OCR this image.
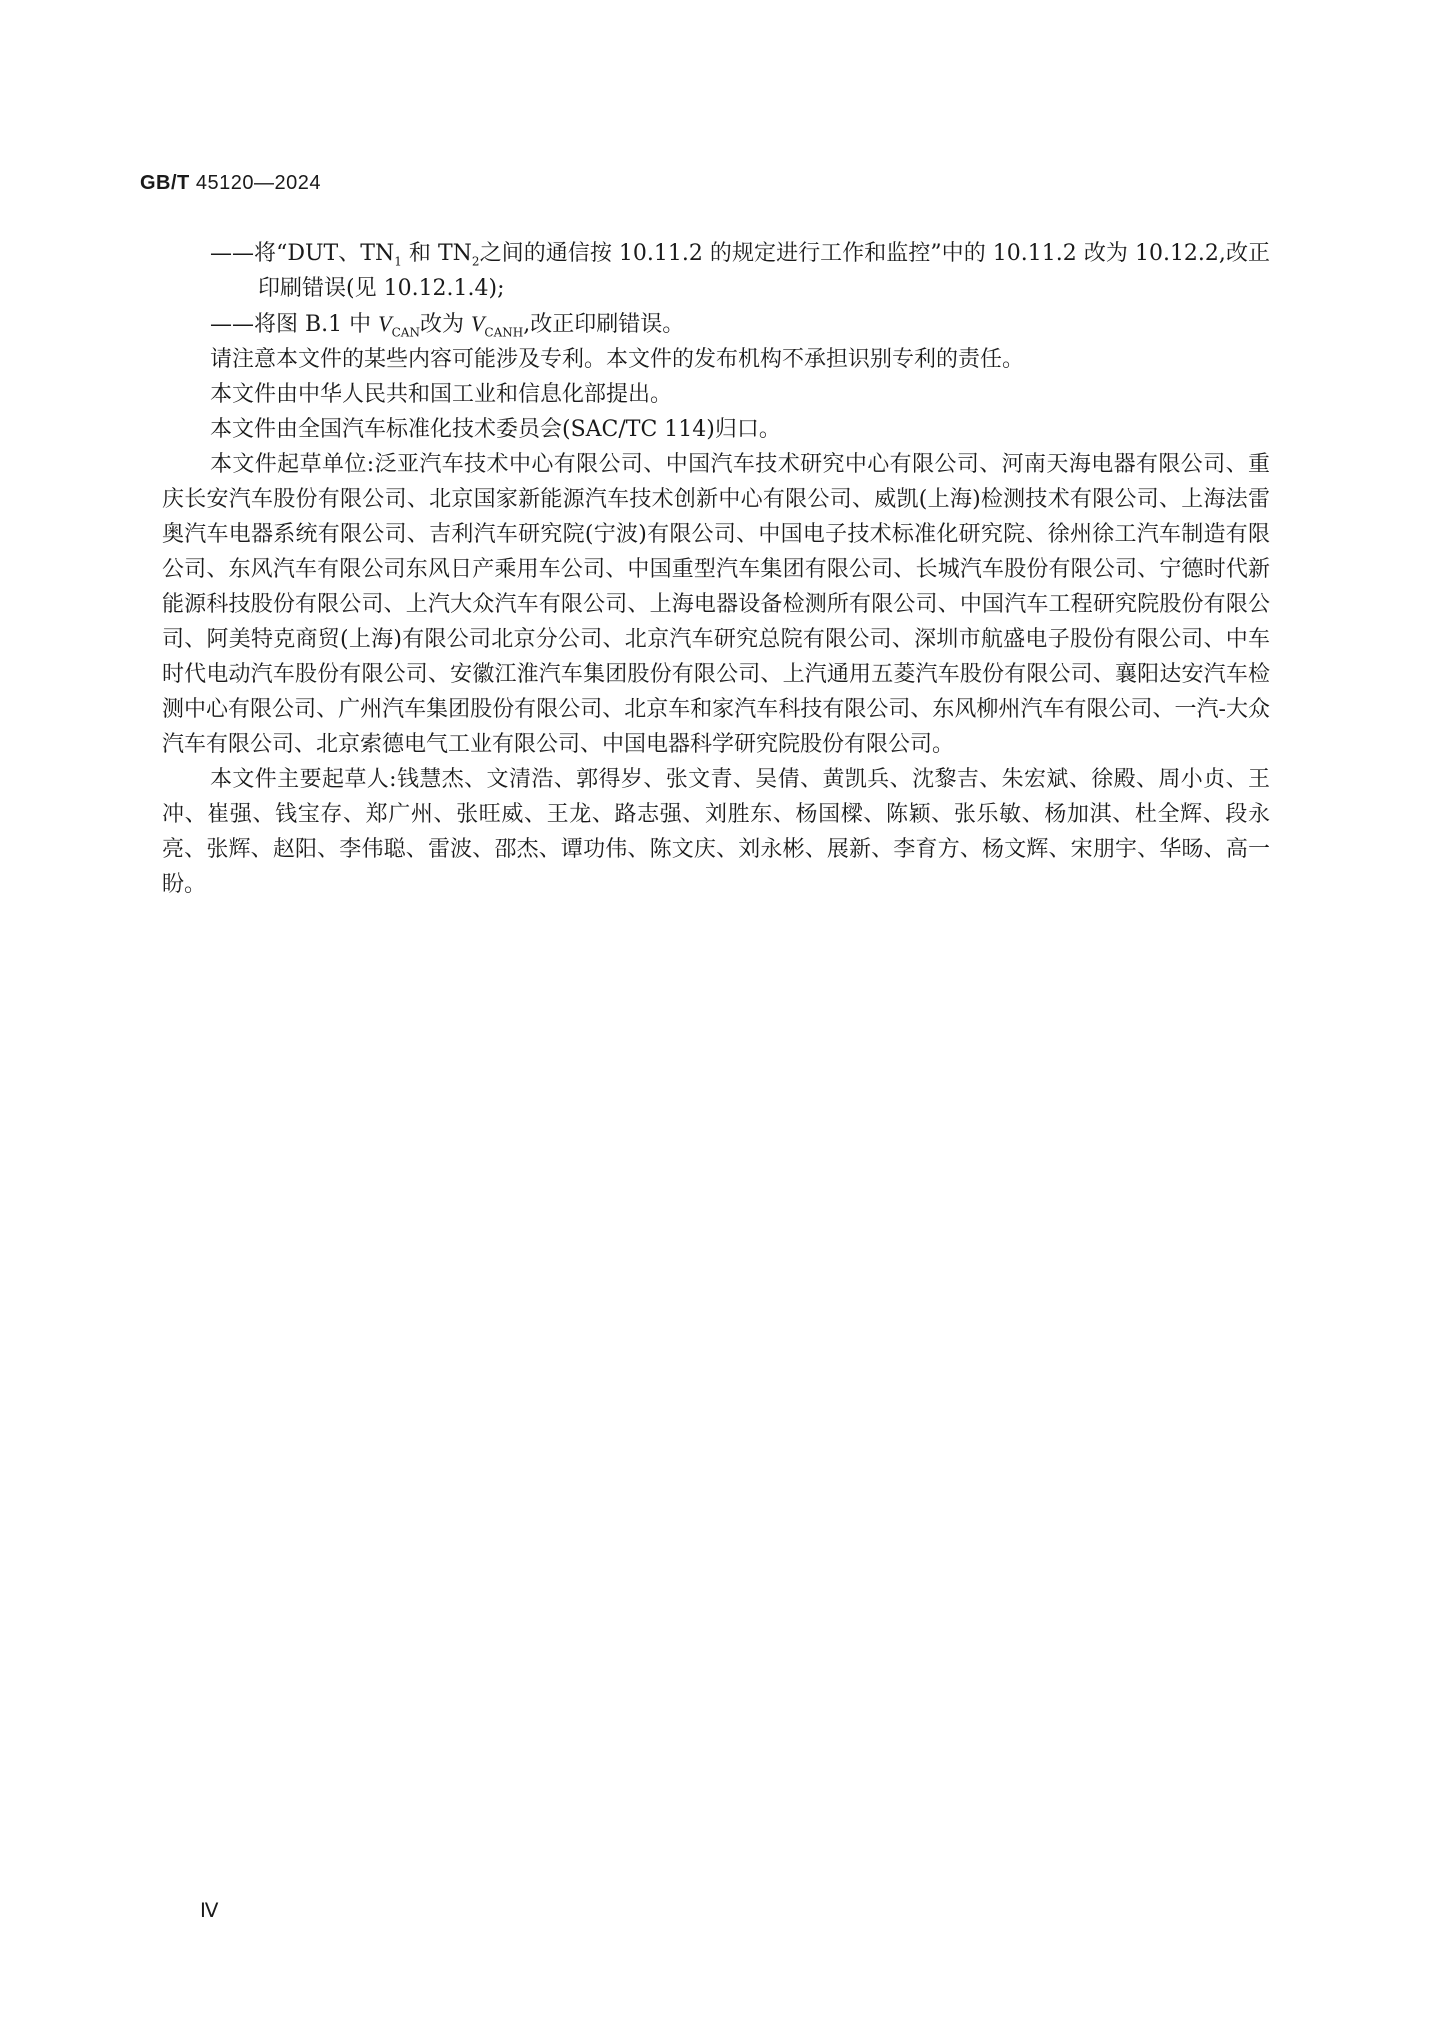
GB/T 45120—2024

——将“DUT、$TN_1$ 和 $TN_2$之间的通信按 10.11.2 的规定进行工作和监控”中的 10.11.2 改为 10.12.2,改正印刷错误(见 10.12.1.4);

——将图 B.1 中 $V_{CAN}$改为 $V_{CANH}$,改正印刷错误。

请注意本文件的某些内容可能涉及专利。本文件的发布机构不承担识别专利的责任。

本文件由中华人民共和国工业和信息化部提出。

本文件由全国汽车标准化技术委员会(SAC/TC 114)归口。

本文件起草单位:泛亚汽车技术中心有限公司、中国汽车技术研究中心有限公司、河南天海电器有限公司、重庆长安汽车股份有限公司、北京国家新能源汽车技术创新中心有限公司、威凯(上海)检测技术有限公司、上海法雷奥汽车电器系统有限公司、吉利汽车研究院(宁波)有限公司、中国电子技术标准化研究院、徐州徐工汽车制造有限公司、东风汽车有限公司东风日产乘用车公司、中国重型汽车集团有限公司、长城汽车股份有限公司、宁德时代新能源科技股份有限公司、上汽大众汽车有限公司、上海电器设备检测所有限公司、中国汽车工程研究院股份有限公司、阿美特克商贸(上海)有限公司北京分公司、北京汽车研究总院有限公司、深圳市航盛电子股份有限公司、中车时代电动汽车股份有限公司、安徽江淮汽车集团股份有限公司、上汽通用五菱汽车股份有限公司、襄阳达安汽车检测中心有限公司、广州汽车集团股份有限公司、北京车和家汽车科技有限公司、东风柳州汽车有限公司、一汽-大众汽车有限公司、北京索德电气工业有限公司、中国电器科学研究院股份有限公司。

本文件主要起草人:钱慧杰、文清浩、郭得岁、张文青、吴倩、黄凯兵、沈黎吉、朱宏斌、徐殿、周小贞、王冲、崔强、钱宝存、郑广州、张旺威、王龙、路志强、刘胜东、杨国樑、陈颖、张乐敏、杨加淇、杜全辉、段永亮、张辉、赵阳、李伟聪、雷波、邵杰、谭功伟、陈文庆、刘永彬、展新、李育方、杨文辉、宋朋宇、华旸、高一盼。

Ⅳ
